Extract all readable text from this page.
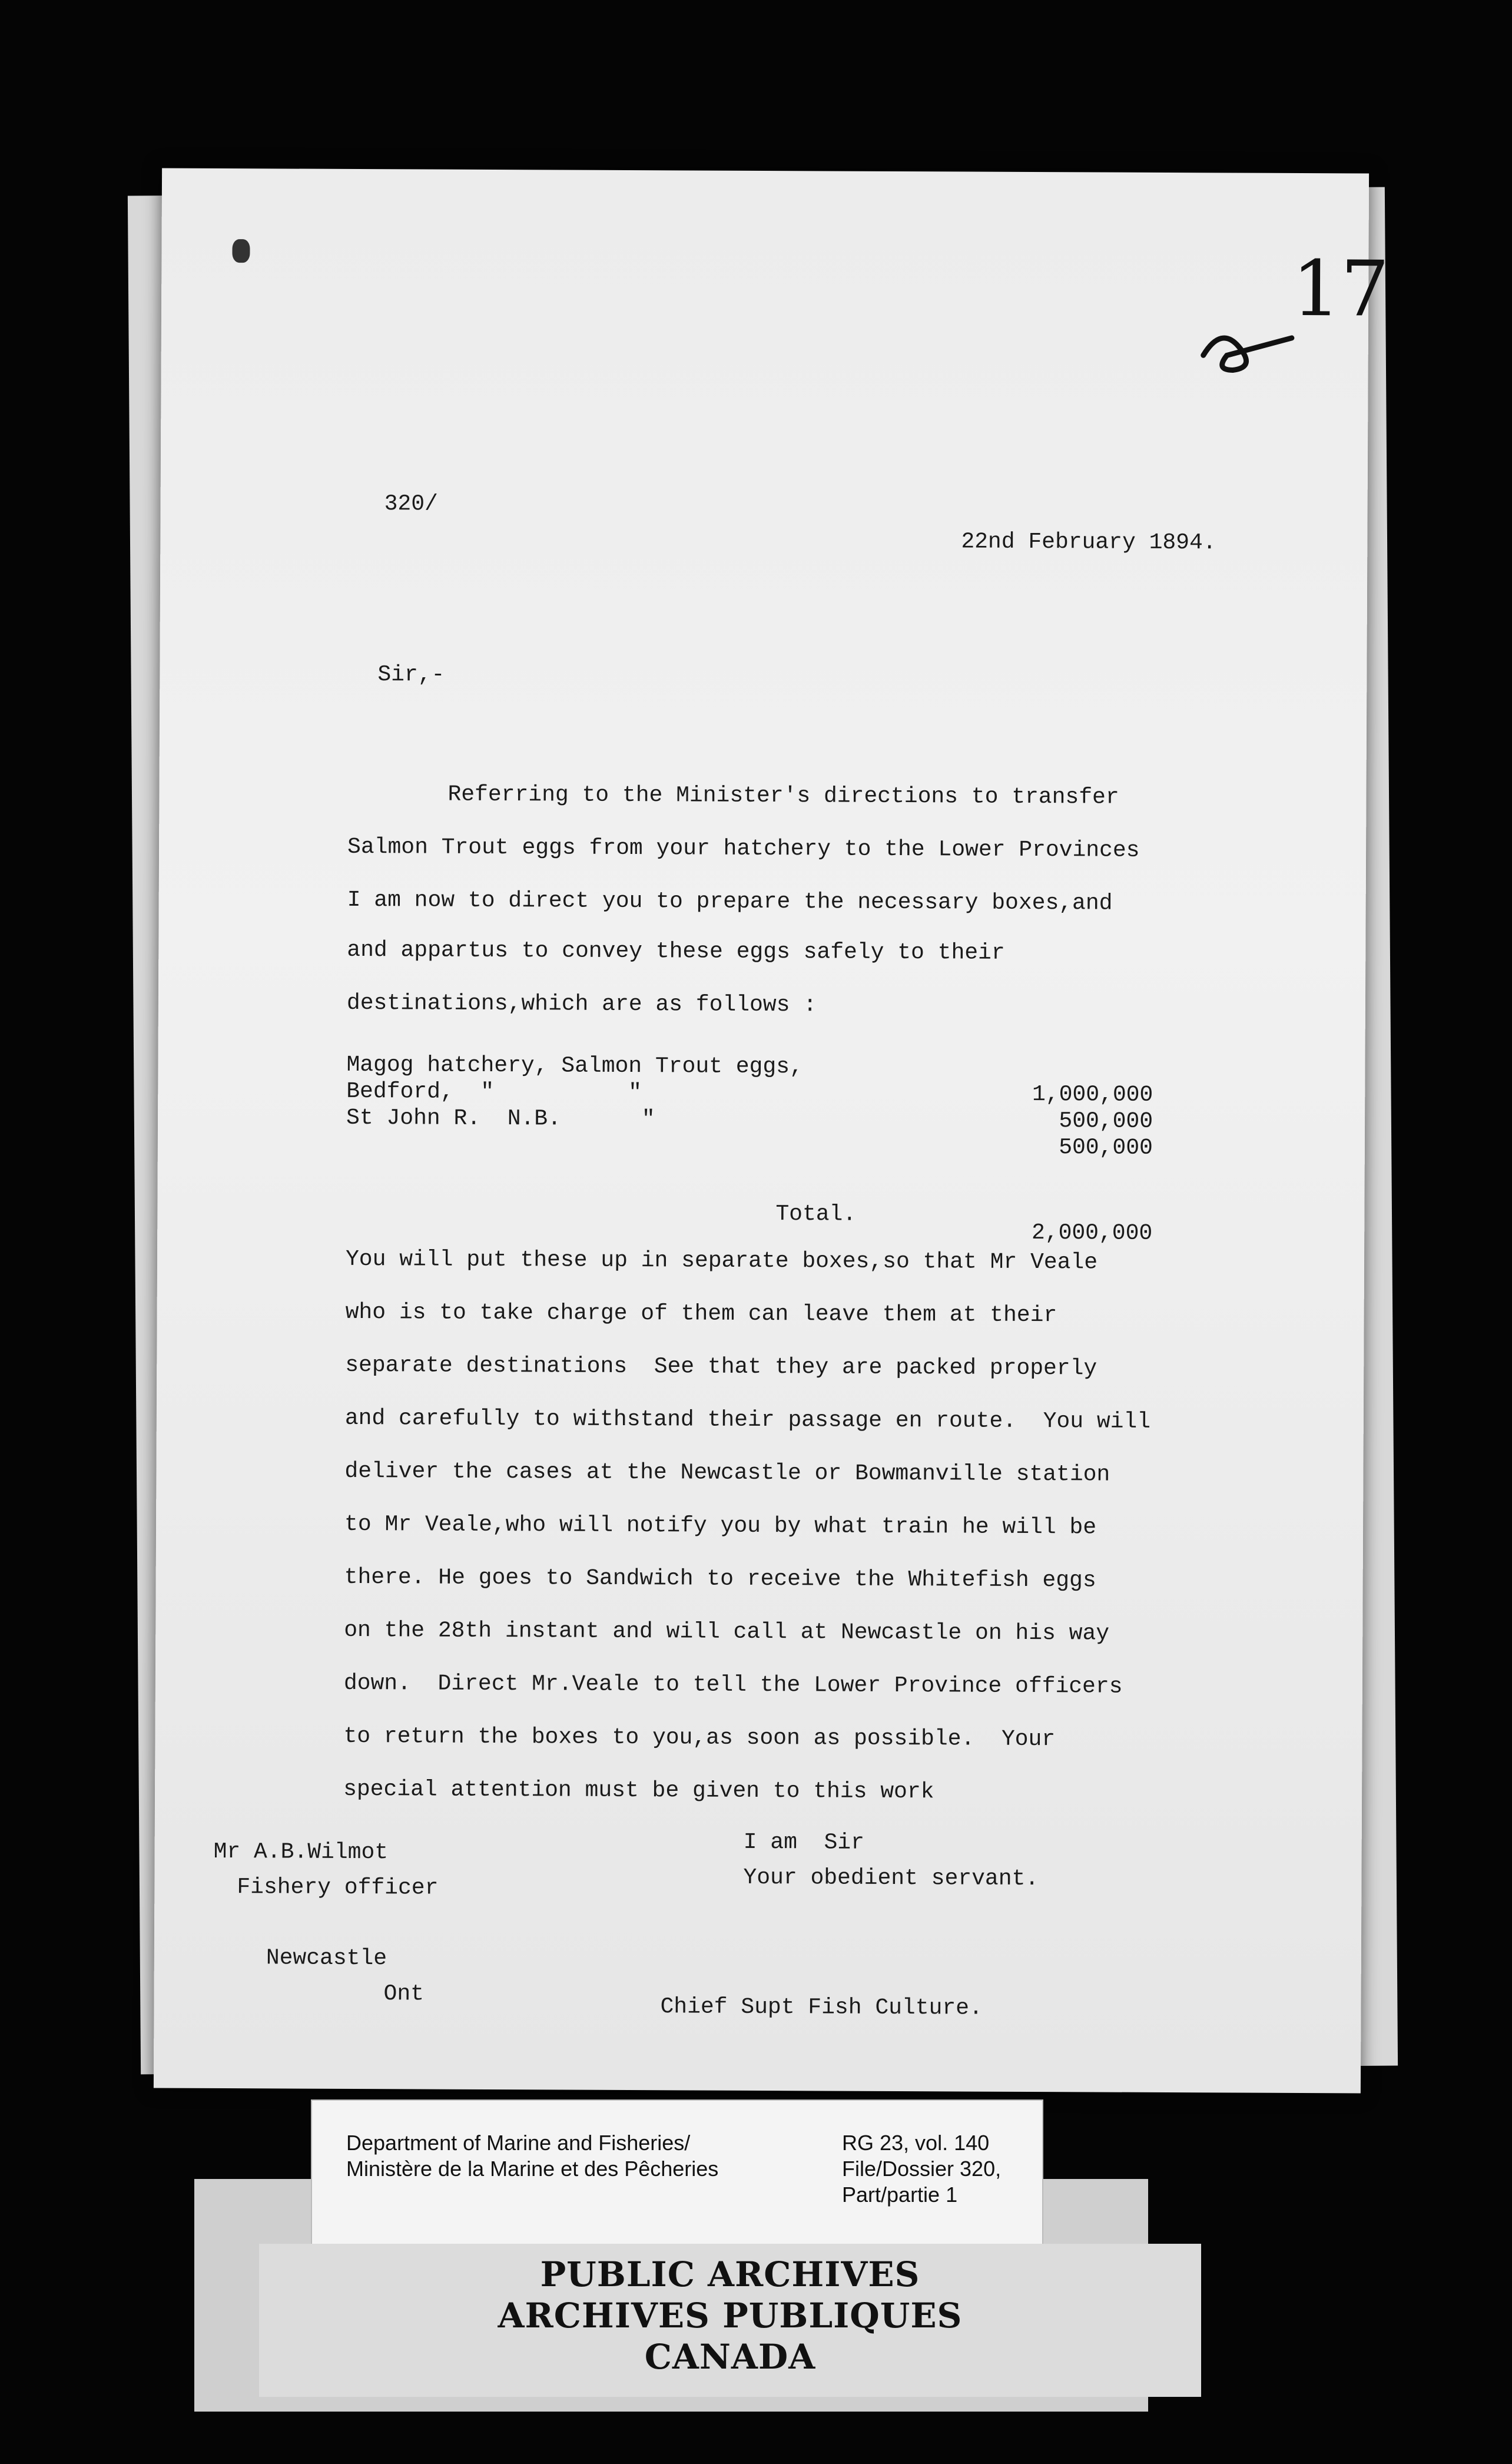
17
320/
22nd February 1894.
Sir,-
Referring to the Minister's directions to transfer
Salmon Trout eggs from your hatchery to the Lower Provinces
I am now to direct you to prepare the necessary boxes,and
and appartus to convey these eggs safely to their
destinations,which are as follows :
Magog hatchery, Salmon Trout eggs,
1,000,000
Bedford,  "          "
500,000
St John R.  N.B.      "
500,000
Total.
2,000,000
You will put these up in separate boxes,so that Mr Veale
who is to take charge of them can leave them at their
separate destinations  See that they are packed properly
and carefully to withstand their passage en route.  You will
deliver the cases at the Newcastle or Bowmanville station
to Mr Veale,who will notify you by what train he will be
there. He goes to Sandwich to receive the Whitefish eggs
on the 28th instant and will call at Newcastle on his way
down.  Direct Mr.Veale to tell the Lower Province officers
to return the boxes to you,as soon as possible.  Your
special attention must be given to this work
I am  Sir
Your obedient servant.
Mr A.B.Wilmot
Fishery officer
Newcastle
Ont
Chief Supt Fish Culture.
Department of Marine and Fisheries/
Ministère de la Marine et des Pêcheries
RG 23, vol. 140
File/Dossier 320,
Part/partie 1
PUBLIC ARCHIVES
ARCHIVES PUBLIQUES
CANADA
